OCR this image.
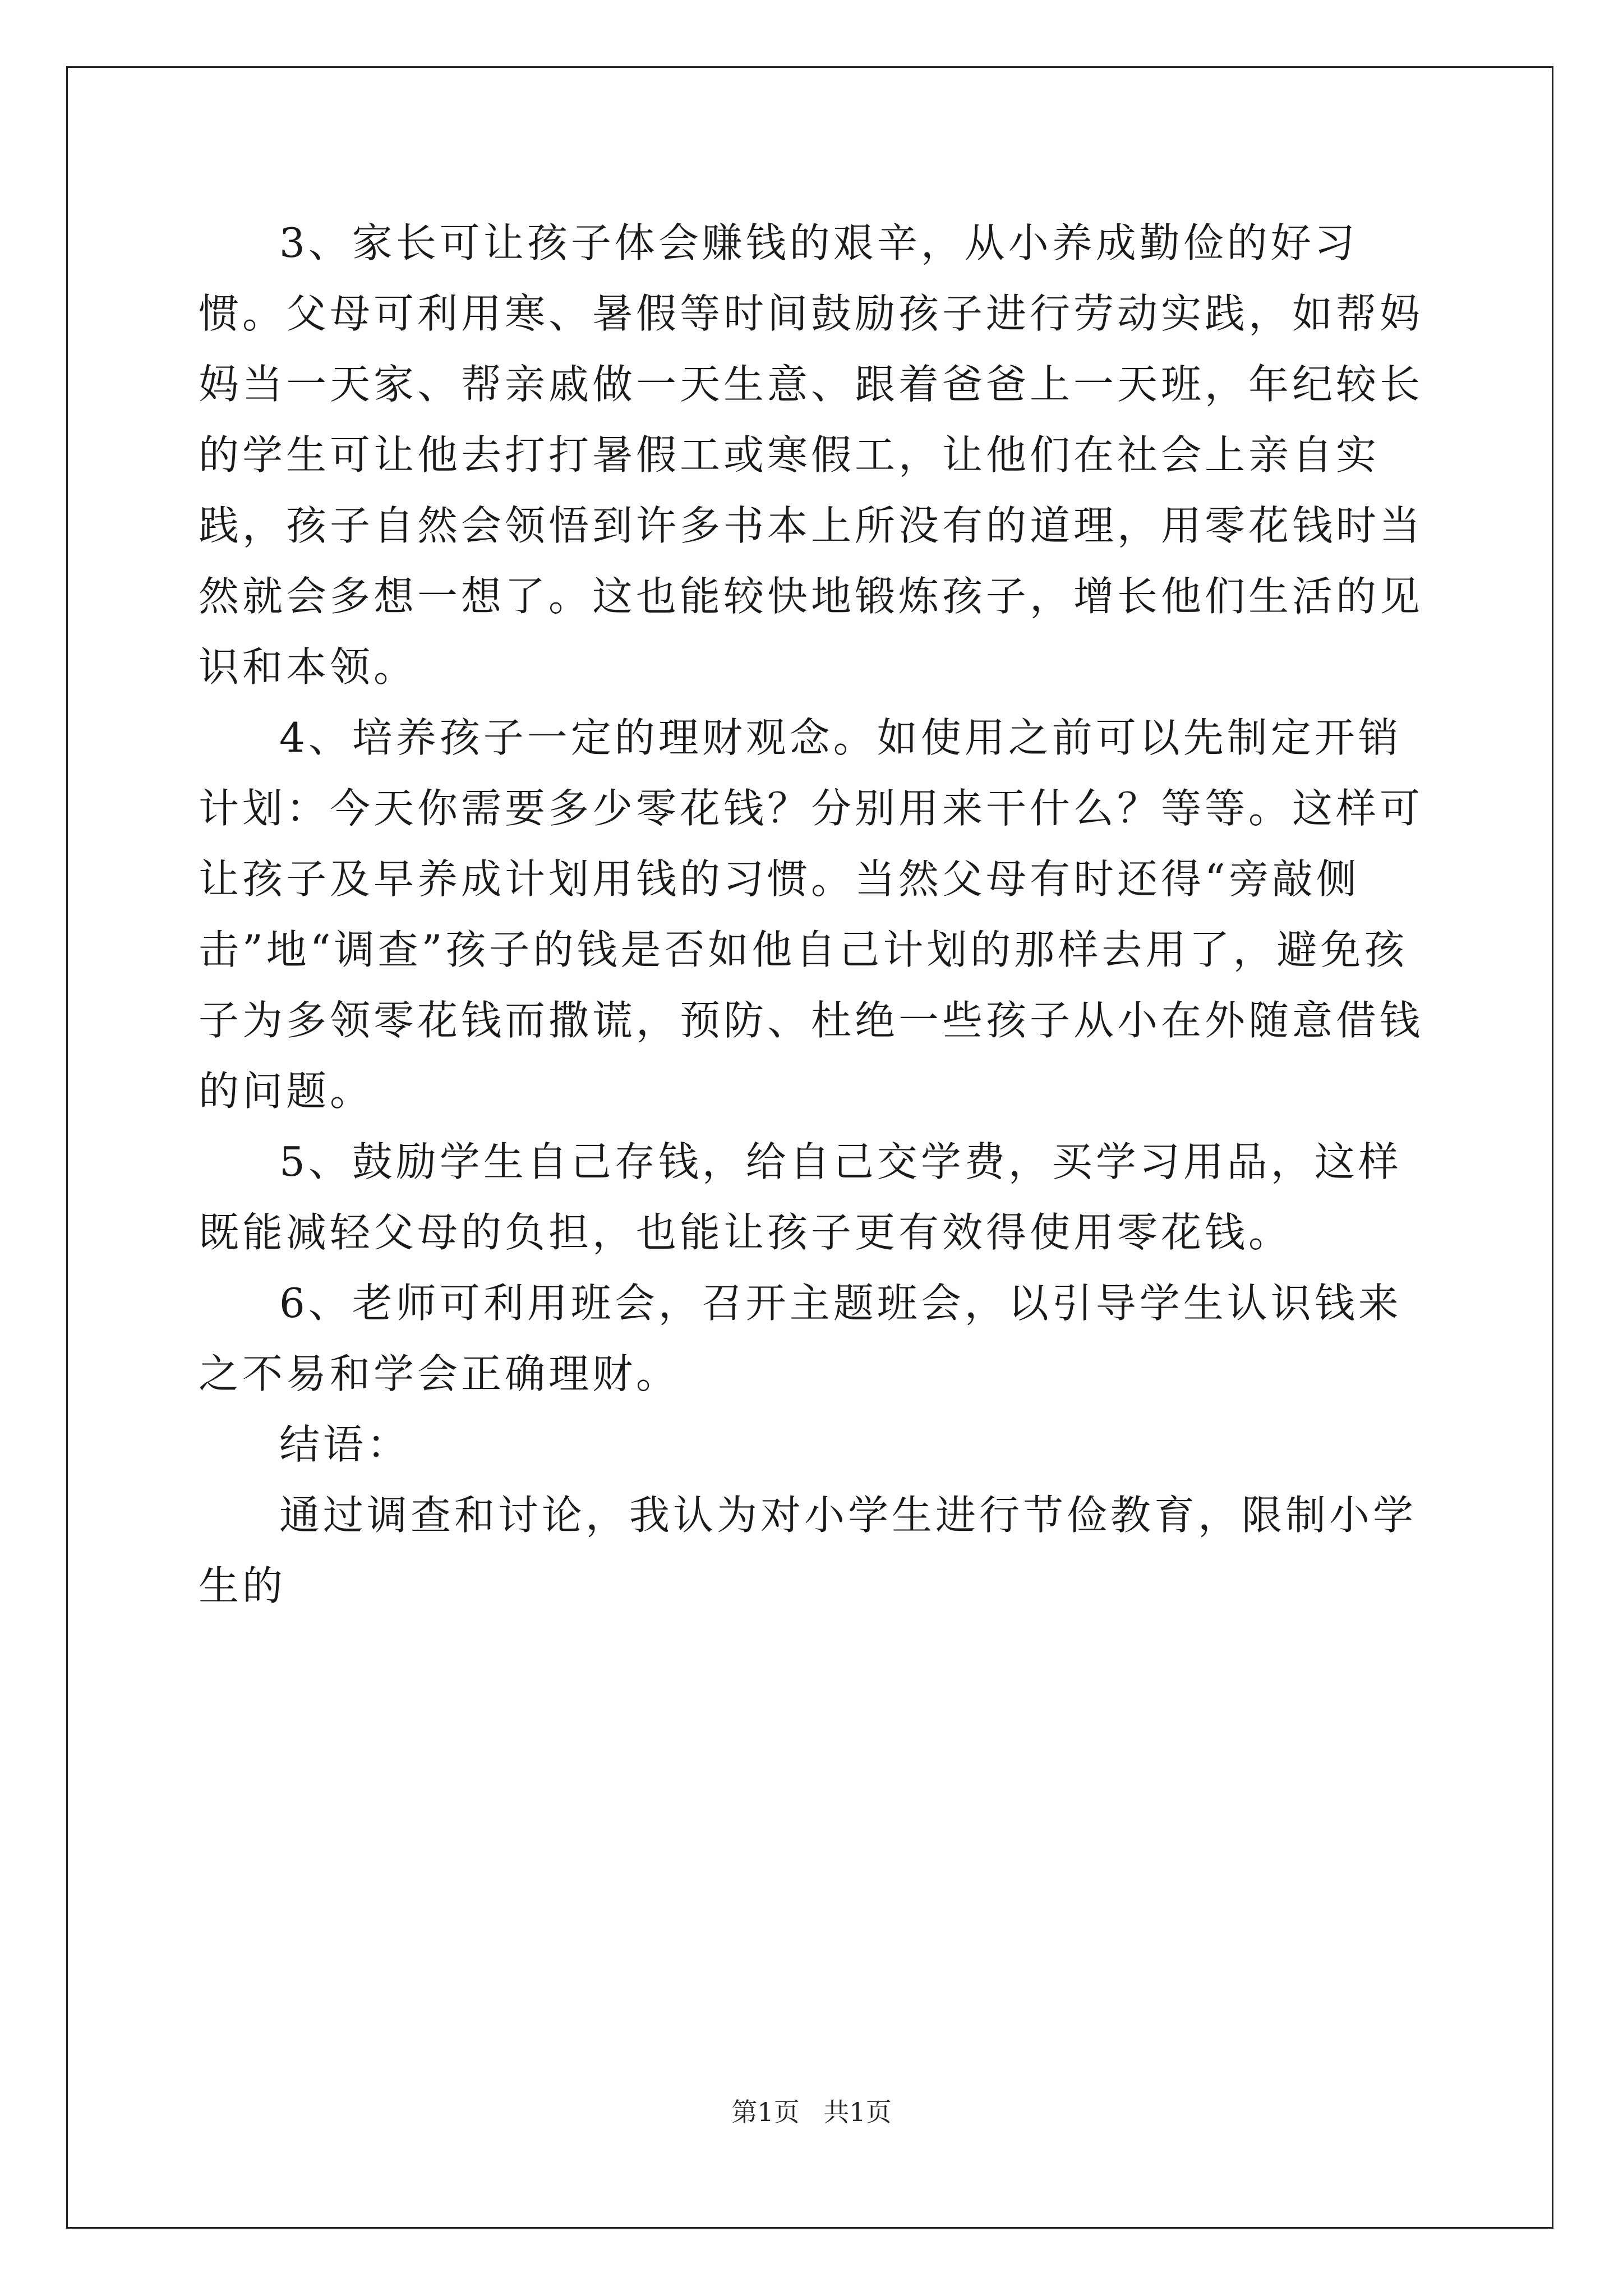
3、家长可让孩子体会赚钱的艰辛，从小养成勤俭的好习惯。父母可利用寒、暑假等时间鼓励孩子进行劳动实践，如帮妈妈当一天家、帮亲戚做一天生意、跟着爸爸上一天班，年纪较长的学生可让他去打打暑假工或寒假工，让他们在社会上亲自实践，孩子自然会领悟到许多书本上所没有的道理，用零花钱时当然就会多想一想了。这也能较快地锻炼孩子，增长他们生活的见识和本领。

4、培养孩子一定的理财观念。如使用之前可以先制定开销计划：今天你需要多少零花钱？分别用来干什么？等等。这样可让孩子及早养成计划用钱的习惯。当然父母有时还得“旁敲侧击”地“调查”孩子的钱是否如他自己计划的那样去用了，避免孩子为多领零花钱而撒谎，预防、杜绝一些孩子从小在外随意借钱的问题。

5、鼓励学生自己存钱，给自己交学费，买学习用品，这样既能减轻父母的负担，也能让孩子更有效得使用零花钱。

6、老师可利用班会，召开主题班会，以引导学生认识钱来之不易和学会正确理财。

结语：

通过调查和讨论，我认为对小学生进行节俭教育，限制小学生的

第1页 共1页
